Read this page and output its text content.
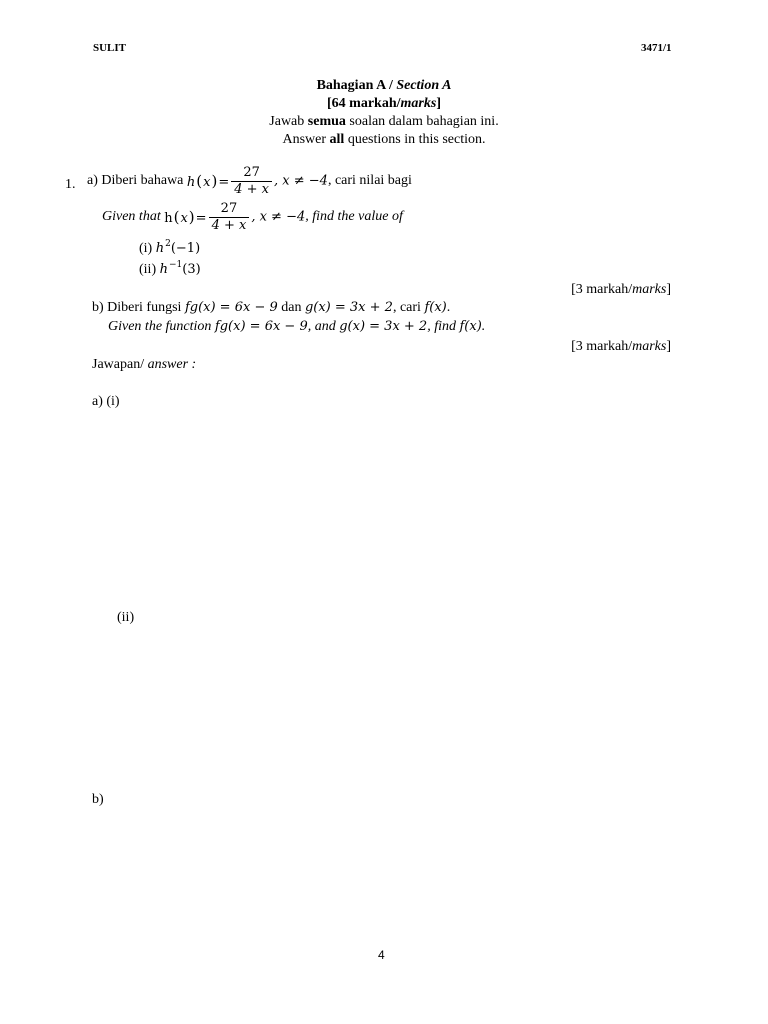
SULIT	3471/1
Bahagian A / Section A
[64 markah/marks]
Jawab semua soalan dalam bahagian ini.
Answer all questions in this section.
1. a) Diberi bahawa $h(x)= \frac{27}{4 + x}$ , x ≠ −4, cari nilai bagi
Given that $h(x)= \frac{27}{4 + x}$ , x ≠ −4, find the value of
(i) $h^2(-1)$
(ii) $h^{-1}(3)$
[3 markah/marks]
b) Diberi fungsi fg(x) = 6x − 9 dan g(x) = 3x + 2, cari f(x).
Given the function fg(x) = 6x − 9, and g(x) = 3x + 2, find f(x).
[3 markah/marks]
Jawapan/ answer :
a) (i)
(ii)
b)
4
